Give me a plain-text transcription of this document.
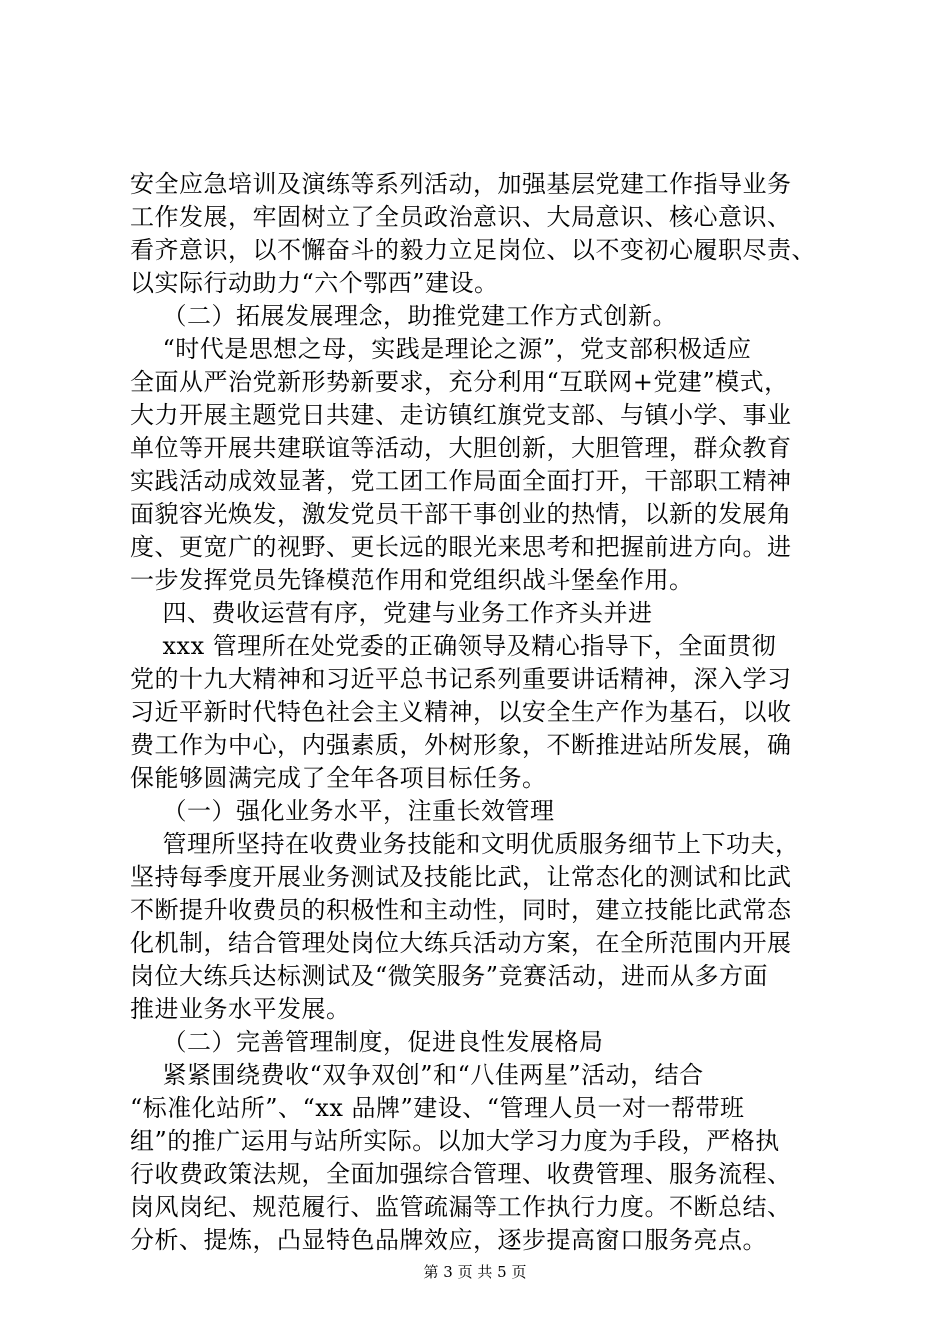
安全应急培训及演练等系列活动，加强基层党建工作指导业务
工作发展，牢固树立了全员政治意识、大局意识、核心意识、
看齐意识，以不懈奋斗的毅力立足岗位、以不变初心履职尽责、
以实际行动助力“六个鄂西”建设。
（二）拓展发展理念，助推党建工作方式创新。
“时代是思想之母，实践是理论之源”，党支部积极适应
全面从严治党新形势新要求，充分利用“互联网+党建”模式，
大力开展主题党日共建、走访镇红旗党支部、与镇小学、事业
单位等开展共建联谊等活动，大胆创新，大胆管理，群众教育
实践活动成效显著，党工团工作局面全面打开，干部职工精神
面貌容光焕发，激发党员干部干事创业的热情，以新的发展角
度、更宽广的视野、更长远的眼光来思考和把握前进方向。进
一步发挥党员先锋模范作用和党组织战斗堡垒作用。
四、费收运营有序，党建与业务工作齐头并进
xxx 管理所在处党委的正确领导及精心指导下，全面贯彻
党的十九大精神和习近平总书记系列重要讲话精神，深入学习
习近平新时代特色社会主义精神，以安全生产作为基石，以收
费工作为中心，内强素质，外树形象，不断推进站所发展，确
保能够圆满完成了全年各项目标任务。
（一）强化业务水平，注重长效管理
管理所坚持在收费业务技能和文明优质服务细节上下功夫，
坚持每季度开展业务测试及技能比武，让常态化的测试和比武
不断提升收费员的积极性和主动性，同时，建立技能比武常态
化机制，结合管理处岗位大练兵活动方案，在全所范围内开展
岗位大练兵达标测试及“微笑服务”竞赛活动，进而从多方面
推进业务水平发展。
（二）完善管理制度，促进良性发展格局
紧紧围绕费收“双争双创”和“八佳两星”活动，结合
“标准化站所”、“xx 品牌”建设、“管理人员一对一帮带班
组”的推广运用与站所实际。以加大学习力度为手段，严格执
行收费政策法规，全面加强综合管理、收费管理、服务流程、
岗风岗纪、规范履行、监管疏漏等工作执行力度。不断总结、
分析、提炼，凸显特色品牌效应，逐步提高窗口服务亮点。
第 3 页 共 5 页
